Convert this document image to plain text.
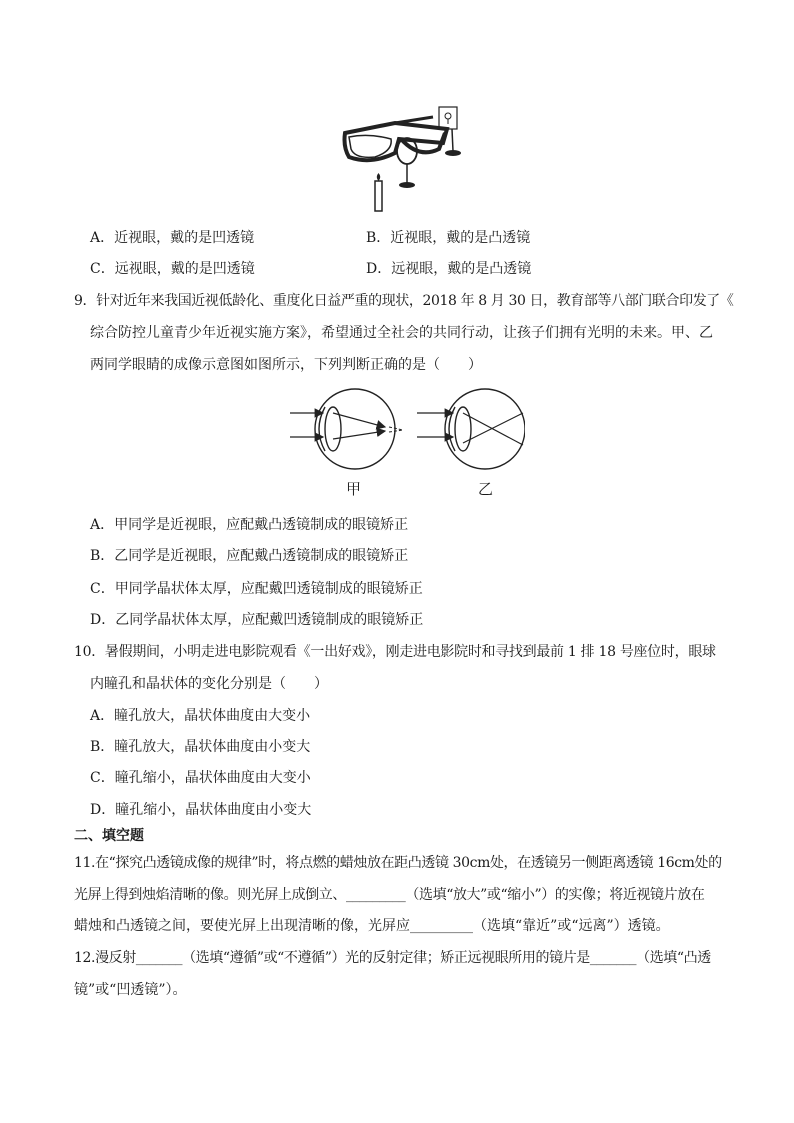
A．近视眼，戴的是凹透镜	B．近视眼，戴的是凸透镜
C．远视眼，戴的是凹透镜	D．远视眼，戴的是凸透镜
9．针对近年来我国近视低龄化、重度化日益严重的现状，2018 年 8 月 30 日，教育部等八部门联合印发了《
综合防控儿童青少年近视实施方案》，希望通过全社会的共同行动，让孩子们拥有光明的未来。甲、乙
两同学眼睛的成像示意图如图所示，下列判断正确的是（　　）
甲	乙
A．甲同学是近视眼，应配戴凸透镜制成的眼镜矫正
B．乙同学是近视眼，应配戴凸透镜制成的眼镜矫正
C．甲同学晶状体太厚，应配戴凹透镜制成的眼镜矫正
D．乙同学晶状体太厚，应配戴凹透镜制成的眼镜矫正
10．暑假期间，小明走进电影院观看《一出好戏》，刚走进电影院时和寻找到最前 1 排 18 号座位时，眼球
内瞳孔和晶状体的变化分别是（　　）
A．瞳孔放大，晶状体曲度由大变小
B．瞳孔放大，晶状体曲度由小变大
C．瞳孔缩小，晶状体曲度由大变小
D．瞳孔缩小，晶状体曲度由小变大
二、填空题
11.在“探究凸透镜成像的规律”时，将点燃的蜡烛放在距凸透镜 30cm处，在透镜另一侧距离透镜 16cm处的
光屏上得到烛焰清晰的像。则光屏上成倒立、_________（选填“放大”或“缩小”）的实像；将近视镜片放在
蜡烛和凸透镜之间，要使光屏上出现清晰的像，光屏应_________（选填“靠近”或“远离”）透镜。
12.漫反射_______（选填“遵循”或“不遵循”）光的反射定律；矫正远视眼所用的镜片是_______（选填“凸透
镜”或“凹透镜”）。
